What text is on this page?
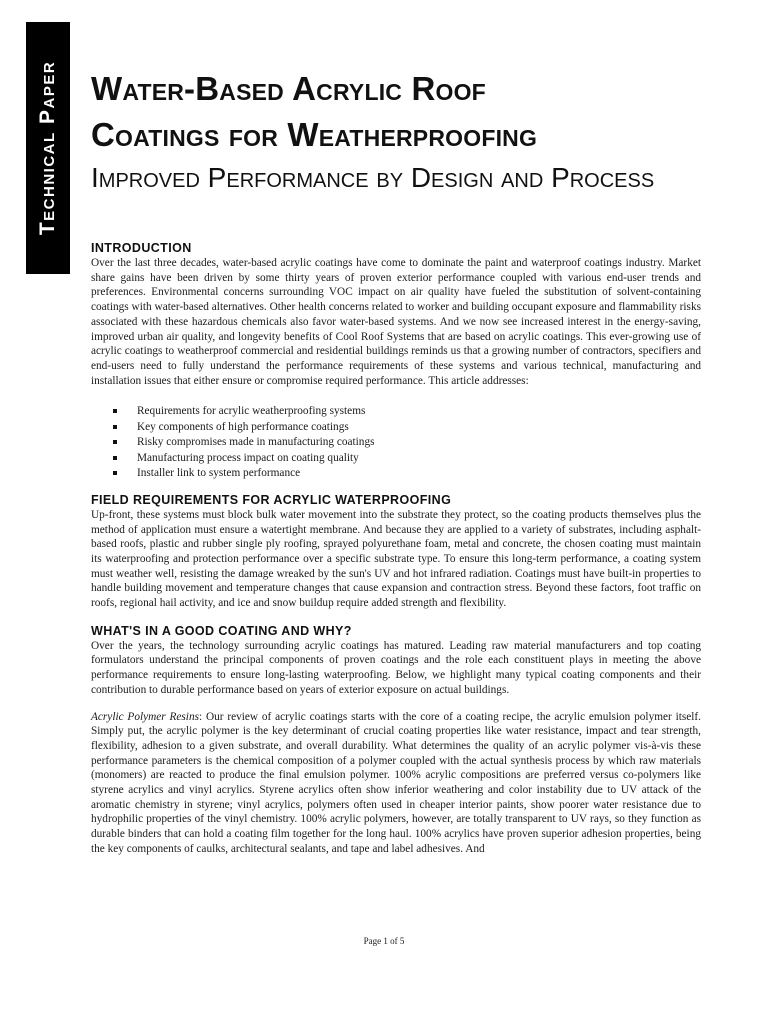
Technical Paper Water-Based Acrylic Roof
Coatings for Weatherproofing
Improved Performance by Design and Process
INTRODUCTION

Over the last three decades, water-based acrylic coatings have come to dominate the paint and waterproof coatings industry. Market share gains have been driven by some thirty years of proven exterior performance coupled with various end-user trends and preferences. Environmental concerns surrounding VOC impact on air quality have fueled the substitution of solvent-containing coatings with water-based alternatives. Other health concerns related to worker and building occupant exposure and flammability risks associated with these hazardous chemicals also favor water-based systems. And we now see increased interest in the energy-saving, improved urban air quality, and longevity benefits of Cool Roof Systems that are based on acrylic coatings. This ever-growing use of acrylic coatings to weatherproof commercial and residential buildings reminds us that a growing number of contractors, specifiers and end-users need to fully understand the performance requirements of these systems and various technical, manufacturing and installation issues that either ensure or compromise required performance. This article addresses:

Requirements for acrylic weatherproofing systems
Key components of high performance coatings
Risky compromises made in manufacturing coatings
Manufacturing process impact on coating quality
Installer link to system performance
FIELD REQUIREMENTS FOR ACRYLIC WATERPROOFING

Up-front, these systems must block bulk water movement into the substrate they protect, so the coating products themselves plus the method of application must ensure a watertight membrane. And because they are applied to a variety of substrates, including asphalt-based roofs, plastic and rubber single ply roofing, sprayed polyurethane foam, metal and concrete, the chosen coating must maintain its waterproofing and protection performance over a specific substrate type. To ensure this long-term performance, a coating system must weather well, resisting the damage wreaked by the sun's UV and hot infrared radiation. Coatings must have built-in properties to handle building movement and temperature changes that cause expansion and contraction stress. Beyond these factors, foot traffic on roofs, regional hail activity, and ice and snow buildup require added strength and flexibility.

WHAT'S IN A GOOD COATING AND WHY?

Over the years, the technology surrounding acrylic coatings has matured. Leading raw material manufacturers and top coating formulators understand the principal components of proven coatings and the role each constituent plays in meeting the above performance requirements to ensure long-lasting waterproofing. Below, we highlight many typical coating components and their contribution to durable performance based on years of exterior exposure on actual buildings.

Acrylic Polymer Resins: Our review of acrylic coatings starts with the core of a coating recipe, the acrylic emulsion polymer itself. Simply put, the acrylic polymer is the key determinant of crucial coating properties like water resistance, impact and tear strength, flexibility, adhesion to a given substrate, and overall durability. What determines the quality of an acrylic polymer vis-à-vis these performance parameters is the chemical composition of a polymer coupled with the actual synthesis process by which raw materials (monomers) are reacted to produce the final emulsion polymer. 100% acrylic compositions are preferred versus co-polymers like styrene acrylics and vinyl acrylics. Styrene acrylics often show inferior weathering and color instability due to UV attack of the aromatic chemistry in styrene; vinyl acrylics, polymers often used in cheaper interior paints, show poorer water resistance due to hydrophilic properties of the vinyl chemistry. 100% acrylic polymers, however, are totally transparent to UV rays, so they function as durable binders that can hold a coating film together for the long haul. 100% acrylics have proven superior adhesion properties, being the key components of caulks, architectural sealants, and tape and label adhesives. And

Page 1 of 5
